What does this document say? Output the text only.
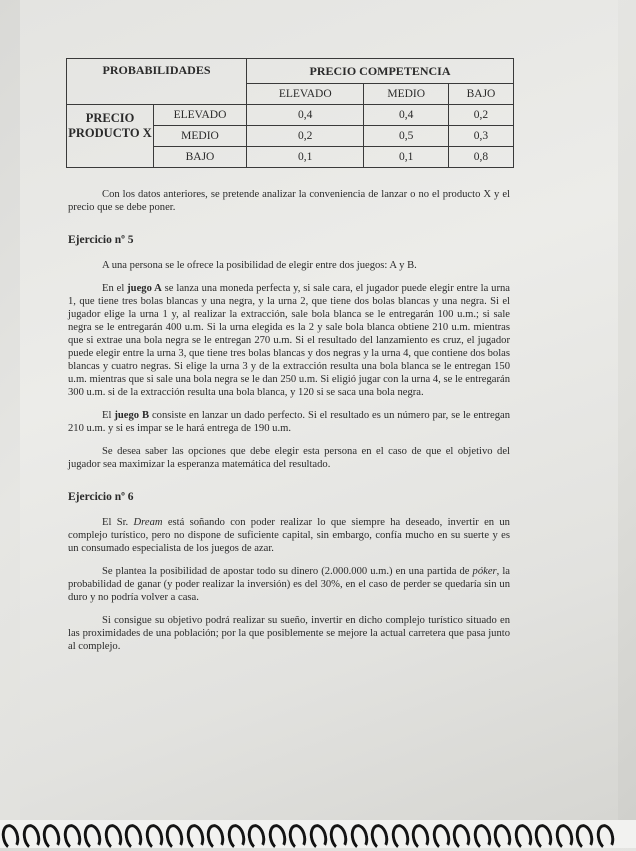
PROBABILIDADES		PRECIO COMPETENCIA		
		ELEVADO	MEDIO	BAJO
PRECIO PRODUCTO X	ELEVADO	0,4	0,4	0,2
	MEDIO	0,2	0,5	0,3
	BAJO	0,1	0,1	0,8

Con los datos anteriores, se pretende analizar la conveniencia de lanzar o no el producto X y el precio que se debe poner.

Ejercicio nº 5

A una persona se le ofrece la posibilidad de elegir entre dos juegos: A y B.

En el juego A se lanza una moneda perfecta y, si sale cara, el jugador puede elegir entre la urna 1, que tiene tres bolas blancas y una negra, y la urna 2, que tiene dos bolas blancas y una negra. Si el jugador elige la urna 1 y, al realizar la extracción, sale bola blanca se le entregarán 100 u.m.; si sale negra se le entregarán 400 u.m. Si la urna elegida es la 2 y sale bola blanca obtiene 210 u.m. mientras que si extrae una bola negra se le entregan 270 u.m. Si el resultado del lanzamiento es cruz, el jugador puede elegir entre la urna 3, que tiene tres bolas blancas y dos negras y la urna 4, que contiene dos bolas blancas y cuatro negras. Si elige la urna 3 y de la extracción resulta una bola blanca se le entregan 150 u.m. mientras que si sale una bola negra se le dan 250 u.m. Si eligió jugar con la urna 4, se le entregarán 300 u.m. si de la extracción resulta una bola blanca, y 120 si se saca una bola negra.

El juego B consiste en lanzar un dado perfecto. Si el resultado es un número par, se le entregan 210 u.m. y si es impar se le hará entrega de 190 u.m.

Se desea saber las opciones que debe elegir esta persona en el caso de que el objetivo del jugador sea maximizar la esperanza matemática del resultado.

Ejercicio nº 6

El Sr. Dream está soñando con poder realizar lo que siempre ha deseado, invertir en un complejo turístico, pero no dispone de suficiente capital, sin embargo, confía mucho en su suerte y es un consumado especialista de los juegos de azar.

Se plantea la posibilidad de apostar todo su dinero (2.000.000 u.m.) en una partida de póker, la probabilidad de ganar (y poder realizar la inversión) es del 30%, en el caso de perder se quedaría sin un duro y no podría volver a casa.

Si consigue su objetivo podrá realizar su sueño, invertir en dicho complejo turístico situado en las proximidades de una población; por la que posiblemente se mejore la actual carretera que pasa junto al complejo.
